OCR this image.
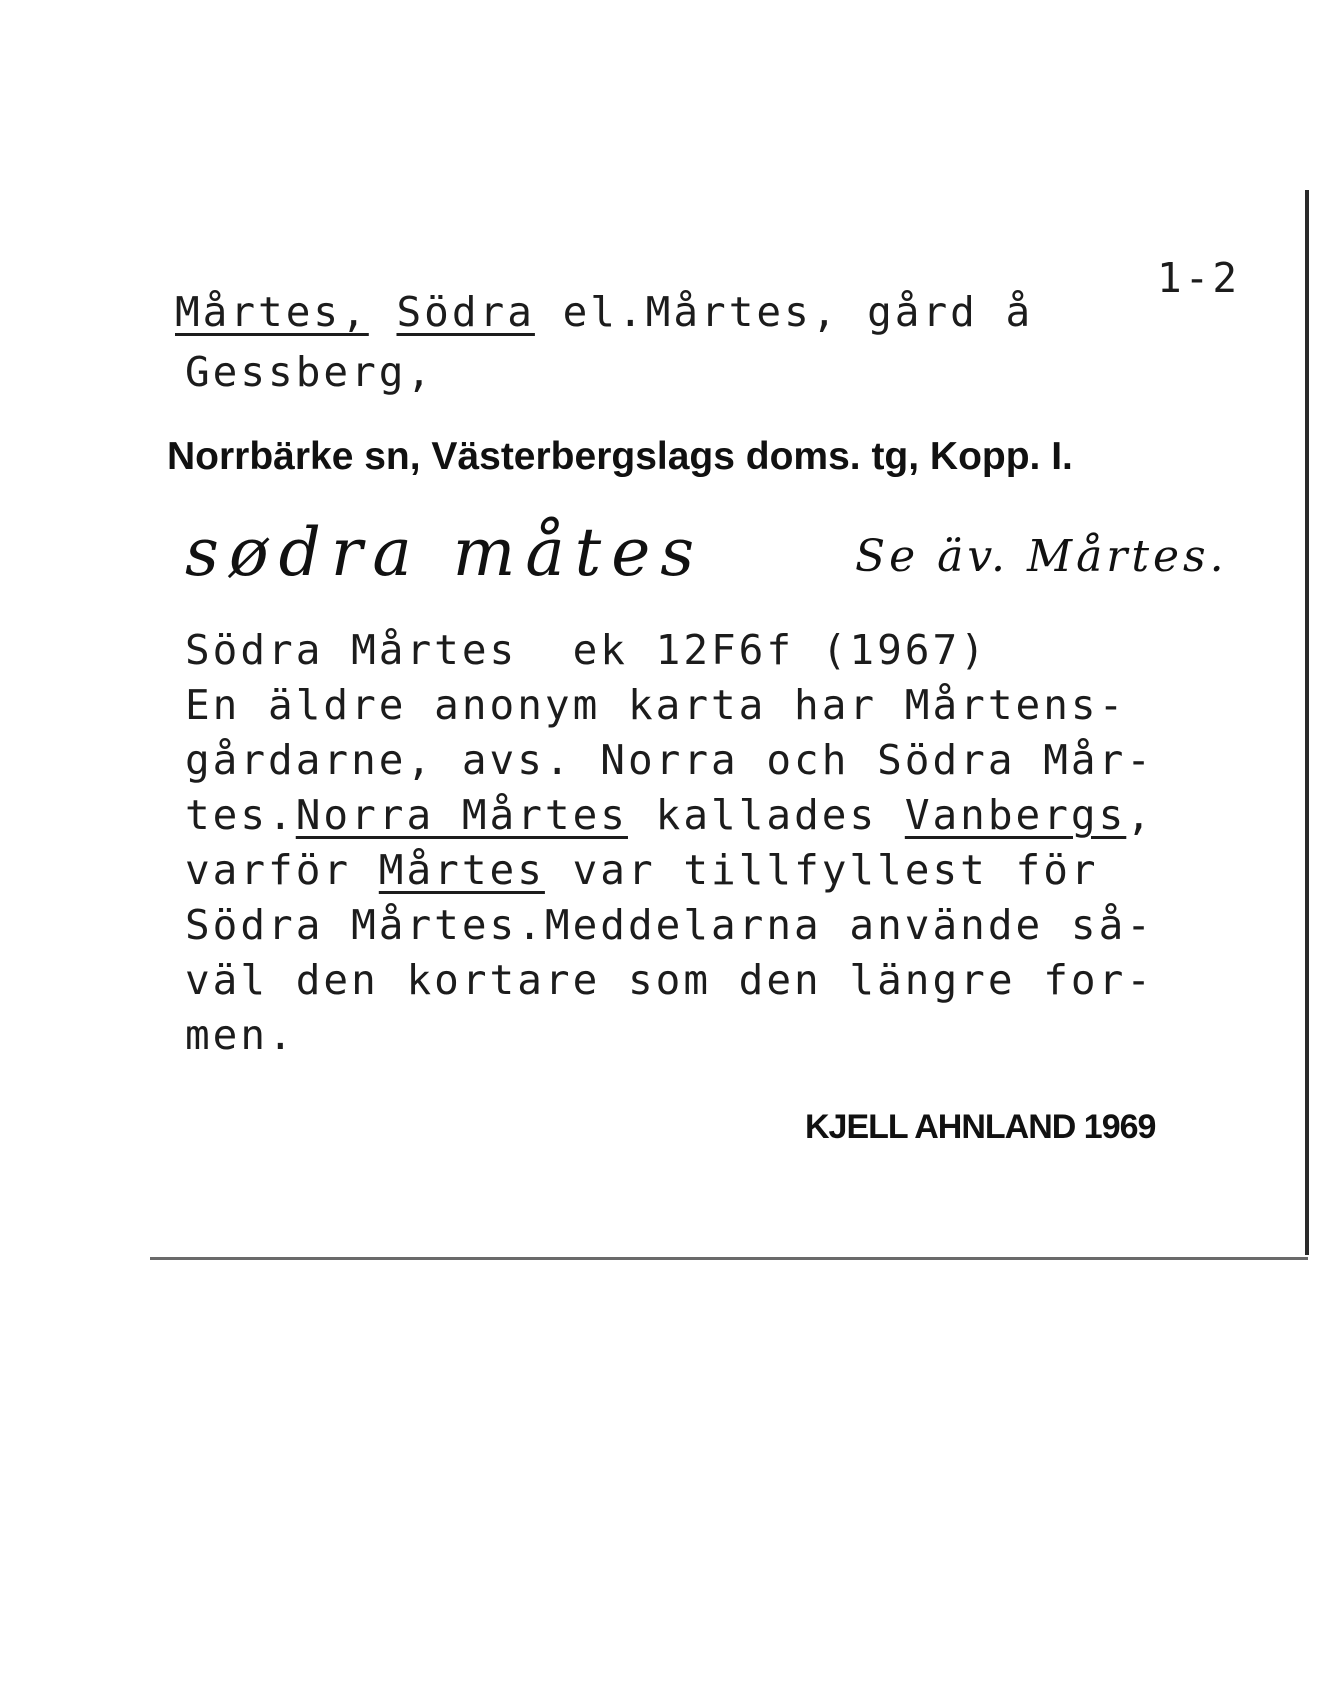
1-2
Mårtes, Södra el.Mårtes, gård å
Gessberg,
Norrbärke sn, Västerbergslags doms. tg, Kopp. I.
sødra måtes	Se äv. Mårtes.
Södra Mårtes  ek 12F6f (1967)
En äldre anonym karta har Mårtens-
gårdarne, avs. Norra och Södra Mår-
tes.Norra Mårtes kallades Vanbergs,
varför Mårtes var tillfyllest för
Södra Mårtes.Meddelarna använde så-
väl den kortare som den längre for-
men.
KJELL AHNLAND 1969
